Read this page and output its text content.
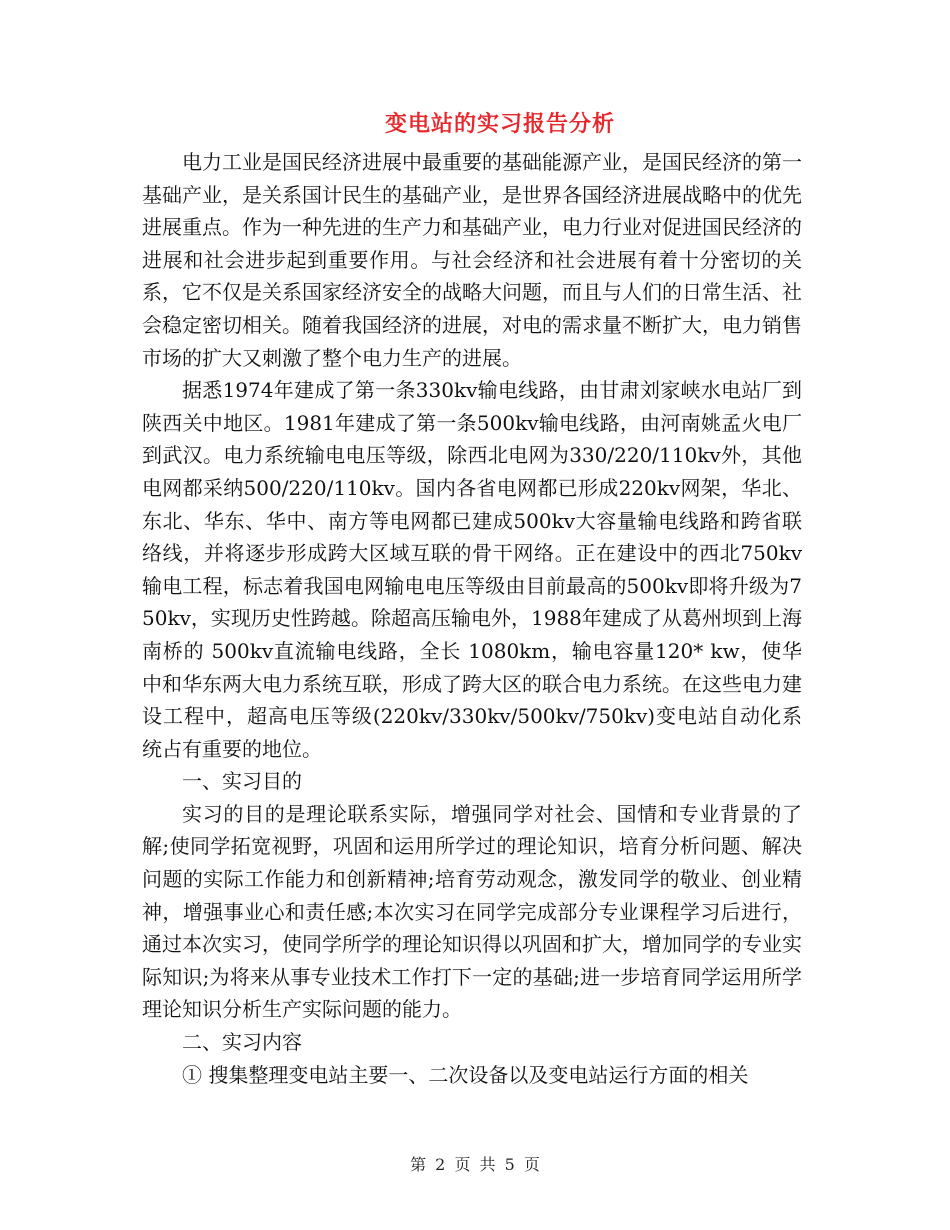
变电站的实习报告分析

电力工业是国民经济进展中最重要的基础能源产业，是国民经济的第一基础产业，是关系国计民生的基础产业，是世界各国经济进展战略中的优先进展重点。作为一种先进的生产力和基础产业，电力行业对促进国民经济的进展和社会进步起到重要作用。与社会经济和社会进展有着十分密切的关系，它不仅是关系国家经济安全的战略大问题，而且与人们的日常生活、社会稳定密切相关。随着我国经济的进展，对电的需求量不断扩大，电力销售市场的扩大又刺激了整个电力生产的进展。

据悉1974年建成了第一条330kv输电线路，由甘肃刘家峡水电站厂到陕西关中地区。1981年建成了第一条500kv输电线路，由河南姚孟火电厂到武汉。电力系统输电电压等级，除西北电网为330/220/110kv外，其他电网都采纳500/220/110kv。国内各省电网都已形成220kv网架，华北、东北、华东、华中、南方等电网都已建成500kv大容量输电线路和跨省联络线，并将逐步形成跨大区域互联的骨干网络。正在建设中的西北750kv输电工程，标志着我国电网输电电压等级由目前最高的500kv即将升级为750kv，实现历史性跨越。除超高压输电外，1988年建成了从葛州坝到上海南桥的 500kv直流输电线路，全长 1080km，输电容量120* kw，使华中和华东两大电力系统互联，形成了跨大区的联合电力系统。在这些电力建设工程中，超高电压等级(220kv/330kv/500kv/750kv)变电站自动化系统占有重要的地位。

一、实习目的

实习的目的是理论联系实际，增强同学对社会、国情和专业背景的了解;使同学拓宽视野，巩固和运用所学过的理论知识，培育分析问题、解决问题的实际工作能力和创新精神;培育劳动观念，激发同学的敬业、创业精神，增强事业心和责任感;本次实习在同学完成部分专业课程学习后进行，通过本次实习，使同学所学的理论知识得以巩固和扩大，增加同学的专业实际知识;为将来从事专业技术工作打下一定的基础;进一步培育同学运用所学理论知识分析生产实际问题的能力。

二、实习内容

① 搜集整理变电站主要一、二次设备以及变电站运行方面的相关

第 2 页 共 5 页
